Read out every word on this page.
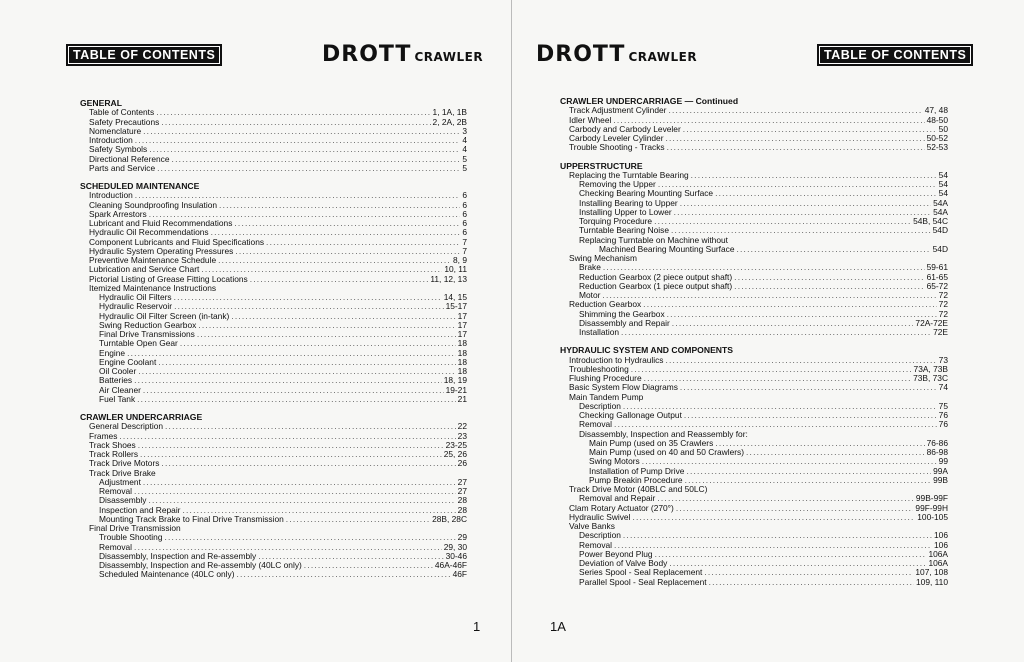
TABLE OF CONTENTS	DROTT CRAWLER
GENERAL
Table of Contents .....	1, 1A, 1B
Safety Precautions .....	2, 2A, 2B
Nomenclature .....	3
Introduction .....	4
Safety Symbols .....	4
Directional Reference .....	5
Parts and Service .....	5
SCHEDULED MAINTENANCE
Introduction .....	6
Cleaning Soundproofing Insulation .....	6
Spark Arrestors .....	6
Lubricant and Fluid Recommendations .....	6
Hydraulic Oil Recommendations .....	6
Component Lubricants and Fluid Specifications .....	7
Hydraulic System Operating Pressures .....	7
Preventive Maintenance Schedule .....	8, 9
Lubrication and Service Chart .....	10, 11
Pictorial Listing of Grease Fitting Locations .....	11, 12, 13
Itemized Maintenance Instructions
Hydraulic Oil Filters .....	14, 15
Hydraulic Reservoir .....	15-17
Hydraulic Oil Filter Screen (in-tank) .....	17
Swing Reduction Gearbox .....	17
Final Drive Transmissions .....	17
Turntable Open Gear .....	18
Engine .....	18
Engine Coolant .....	18
Oil Cooler .....	18
Batteries .....	18, 19
Air Cleaner .....	19-21
Fuel Tank .....	21
CRAWLER UNDERCARRIAGE
General Description .....	22
Frames .....	23
Track Shoes .....	23-25
Track Rollers .....	25, 26
Track Drive Motors .....	26
Track Drive Brake
Adjustment .....	27
Removal .....	27
Disassembly .....	28
Inspection and Repair .....	28
Mounting Track Brake to Final Drive Transmission .....	28B, 28C
Final Drive Transmission
Trouble Shooting .....	29
Removal .....	29, 30
Disassembly, Inspection and Re-assembly .....	30-46
Disassembly, Inspection and Re-assembly (40LC only) .....	46A-46F
Scheduled Maintenance (40LC only) .....	46F
1
DROTT CRAWLER	TABLE OF CONTENTS
CRAWLER UNDERCARRIAGE — Continued
Track Adjustment Cylinder .....	47, 48
Idler Wheel .....	48-50
Carbody and Carbody Leveler .....	50
Carbody Leveler Cylinder .....	50-52
Trouble Shooting - Tracks .....	52-53
UPPERSTRUCTURE
Replacing the Turntable Bearing .....	54
Removing the Upper .....	54
Checking Bearing Mounting Surface .....	54
Installing Bearing to Upper .....	54A
Installing Upper to Lower .....	54A
Torquing Procedure .....	54B, 54C
Turntable Bearing Noise .....	54D
Replacing Turntable on Machine without
Machined Bearing Mounting Surface .....	54D
Swing Mechanism
Brake .....	59-61
Reduction Gearbox (2 piece output shaft) .....	61-65
Reduction Gearbox (1 piece output shaft) .....	65-72
Motor .....	72
Reduction Gearbox .....	72
Shimming the Gearbox .....	72
Disassembly and Repair .....	72A-72E
Installation .....	72E
HYDRAULIC SYSTEM AND COMPONENTS
Introduction to Hydraulics .....	73
Troubleshooting .....	73A, 73B
Flushing Procedure .....	73B, 73C
Basic System Flow Diagrams .....	74
Main Tandem Pump
Description .....	75
Checking Gallonage Output .....	76
Removal .....	76
Disassembly, Inspection and Reassembly for:
Main Pump (used on 35 Crawlers .....	76-86
Main Pump (used on 40 and 50 Crawlers) .....	86-98
Swing Motors .....	99
Installation of Pump Drive .....	99A
Pump Breakin Procedure .....	99B
Track Drive Motor (40BLC and 50LC)
Removal and Repair .....	99B-99F
Clam Rotary Actuator (270°) .....	99F-99H
Hydraulic Swivel .....	100-105
Valve Banks
Description .....	106
Removal .....	106
Power Beyond Plug .....	106A
Deviation of Valve Body .....	106A
Series Spool - Seal Replacement .....	107, 108
Parallel Spool - Seal Replacement .....	109, 110
1A
